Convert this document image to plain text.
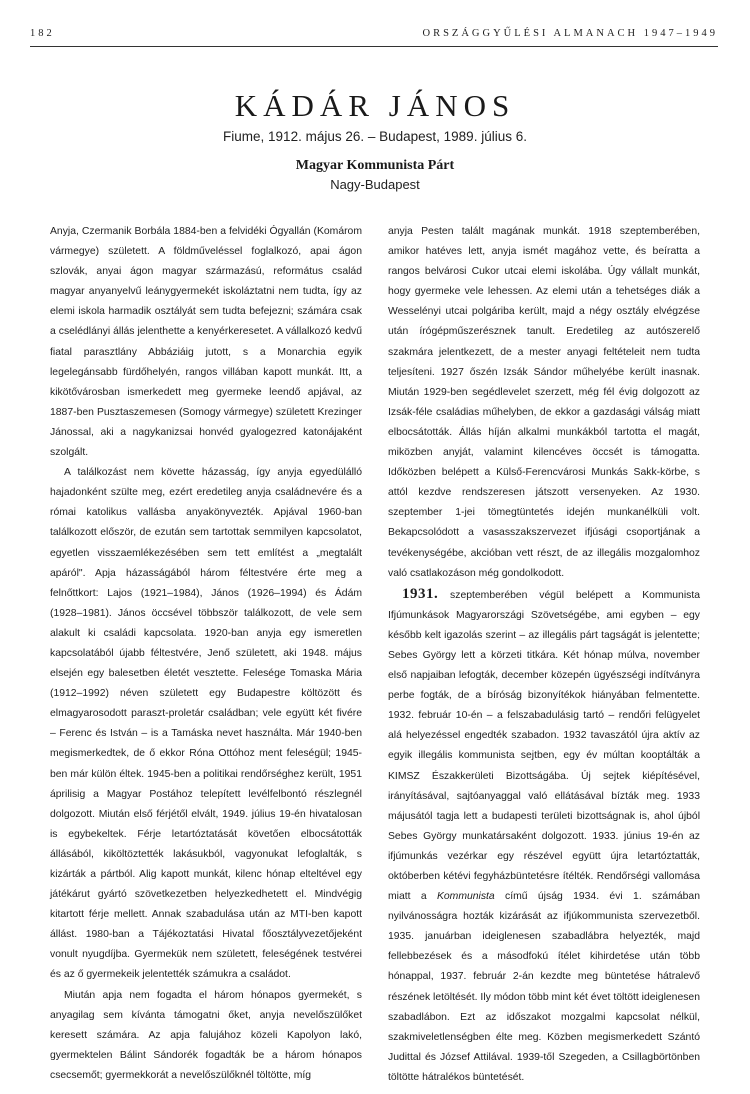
182	ORSZÁGGYŰLÉSI ALMANACH 1947–1949
KÁDÁR JÁNOS
Fiume, 1912. május 26. – Budapest, 1989. július 6.
Magyar Kommunista Párt
Nagy-Budapest

Anyja, Czermanik Borbála 1884-ben a felvidéki Ógyallán (Komárom vármegye) született. A földműveléssel foglalkozó, apai ágon szlovák, anyai ágon magyar származású, református család magyar anyanyelvű leánygyermekét iskoláztatni nem tudta, így az elemi iskola harmadik osztályát sem tudta befejezni; számára csak a cselédlányi állás jelenthette a kenyérkeresetet. A vállalkozó kedvű fiatal parasztlány Abbáziáig jutott, s a Monarchia egyik legelegánsabb fürdőhelyén, rangos villában kapott munkát. Itt, a kikötővárosban ismerkedett meg gyermeke leendő apjával, az 1887-ben Pusztaszemesen (Somogy vármegye) született Krezinger Jánossal, aki a nagykanizsai honvéd gyalogezred katonájaként szolgált.

A találkozást nem követte házasság, így anyja egyedülálló hajadonként szülte meg, ezért eredetileg anyja családnevére és a római katolikus vallásba anyakönyvezték. Apjával 1960-ban találkozott először, de ezután sem tartottak semmilyen kapcsolatot, egyetlen visszaemlékezésében sem tett említést a „megtalált apáról". Apja házasságából három féltestvére érte meg a felnőttkort: Lajos (1921–1984), János (1926–1994) és Ádám (1928–1981). János öccsével többször találkozott, de vele sem alakult ki családi kapcsolata. 1920-ban anyja egy ismeretlen kapcsolatából újabb féltestvére, Jenő született, aki 1948. május elsején egy balesetben életét vesztette. Felesége Tomaska Mária (1912–1992) néven született egy Budapestre költözött és elmagyarosodott paraszt-proletár családban; vele együtt két fivére – Ferenc és István – is a Tamáska nevet használta. Már 1940-ben megismerkedtek, de ő ekkor Róna Ottóhoz ment feleségül; 1945-ben már külön éltek. 1945-ben a politikai rendőrséghez került, 1951 áprilisig a Magyar Postához telepített levélfelbontó részlegnél dolgozott. Miután első férjétől elvált, 1949. július 19-én hivatalosan is egybekeltek. Férje letartóztatását követően elbocsátották állásából, kiköltöztették lakásukból, vagyonukat lefoglalták, s kizárták a pártból. Alig kapott munkát, kilenc hónap elteltével egy játékárut gyártó szövetkezetben helyezkedhetett el. Mindvégig kitartott férje mellett. Annak szabadulása után az MTI-ben kapott állást. 1980-ban a Tájékoztatási Hivatal főosztályvezetőjeként vonult nyugdíjba. Gyermekük nem született, feleségének testvérei és az ő gyermekeik jelentették számukra a családot.

Miután apja nem fogadta el három hónapos gyermekét, s anyagilag sem kívánta támogatni őket, anyja nevelőszülőket keresett számára. Az apja falujához közeli Kapolyon lakó, gyermektelen Bálint Sándorék fogadták be a három hónapos csecsemőt; gyermekkorát a nevelőszülőknél töltötte, míg

anyja Pesten talált magának munkát. 1918 szeptemberében, amikor hatéves lett, anyja ismét magához vette, és beíratta a rangos belvárosi Cukor utcai elemi iskolába. Úgy vállalt munkát, hogy gyermeke vele lehessen. Az elemi után a tehetséges diák a Wesselényi utcai polgáriba került, majd a négy osztály elvégzése után írógépműszerésznek tanult. Eredetileg az autószerelő szakmára jelentkezett, de a mester anyagi feltételeit nem tudta teljesíteni. 1927 őszén Izsák Sándor műhelyébe került inasnak. Miután 1929-ben segédlevelet szerzett, még fél évig dolgozott az Izsák-féle családias műhelyben, de ekkor a gazdasági válság miatt elbocsátották. Állás híján alkalmi munkákból tartotta el magát, miközben anyját, valamint kilencéves öccsét is támogatta. Időközben belépett a Külső-Ferencvárosi Munkás Sakk-körbe, s attól kezdve rendszeresen játszott versenyeken. Az 1930. szeptember 1-jei tömegtüntetés idején munkanélküli volt. Bekapcsolódott a vasasszakszervezet ifjúsági csoportjának a tevékenységébe, akcióban vett részt, de az illegális mozgalomhoz való csatlakozáson még gondolkodott.

1931. szeptemberében végül belépett a Kommunista Ifjúmunkások Magyarországi Szövetségébe, ami egyben – egy később kelt igazolás szerint – az illegális párt tagságát is jelentette; Sebes György lett a körzeti titkára. Két hónap múlva, november első napjaiban lefogták, december közepén ügyészségi indítványra perbe fogták, de a bíróság bizonyítékok hiányában felmentette. 1932. február 10-én – a felszabadulásig tartó – rendőri felügyelet alá helyezéssel engedték szabadon. 1932 tavaszától újra aktív az egyik illegális kommunista sejtben, egy év múltan kooptálták a KIMSZ Északkerületi Bizottságába. Új sejtek kiépítésével, irányításával, sajtóanyaggal való ellátásával bízták meg. 1933 májusától tagja lett a budapesti területi bizottságnak is, ahol újból Sebes György munkatársaként dolgozott. 1933. június 19-én az ifjúmunkás vezérkar egy részével együtt újra letartóztatták, októberben kétévi fegyházbüntetésre ítélték. Rendőrségi vallomása miatt a Kommunista című újság 1934. évi 1. számában nyilvánosságra hozták kizárását az ifjúkommunista szervezetből. 1935. januárban ideiglenesen szabadlábra helyezték, majd fellebbezések és a másodfokú ítélet kihirdetése után több hónappal, 1937. február 2-án kezdte meg büntetése hátralevő részének letöltését. Ily módon több mint két évet töltött ideiglenesen szabadlábon. Ezt az időszakot mozgalmi kapcsolat nélkül, szakmiveletlenségben élte meg. Közben megismerkedett Szántó Judittal és József Attilával. 1939-től Szegeden, a Csillagbörtönben töltötte hátralékos büntetését.
